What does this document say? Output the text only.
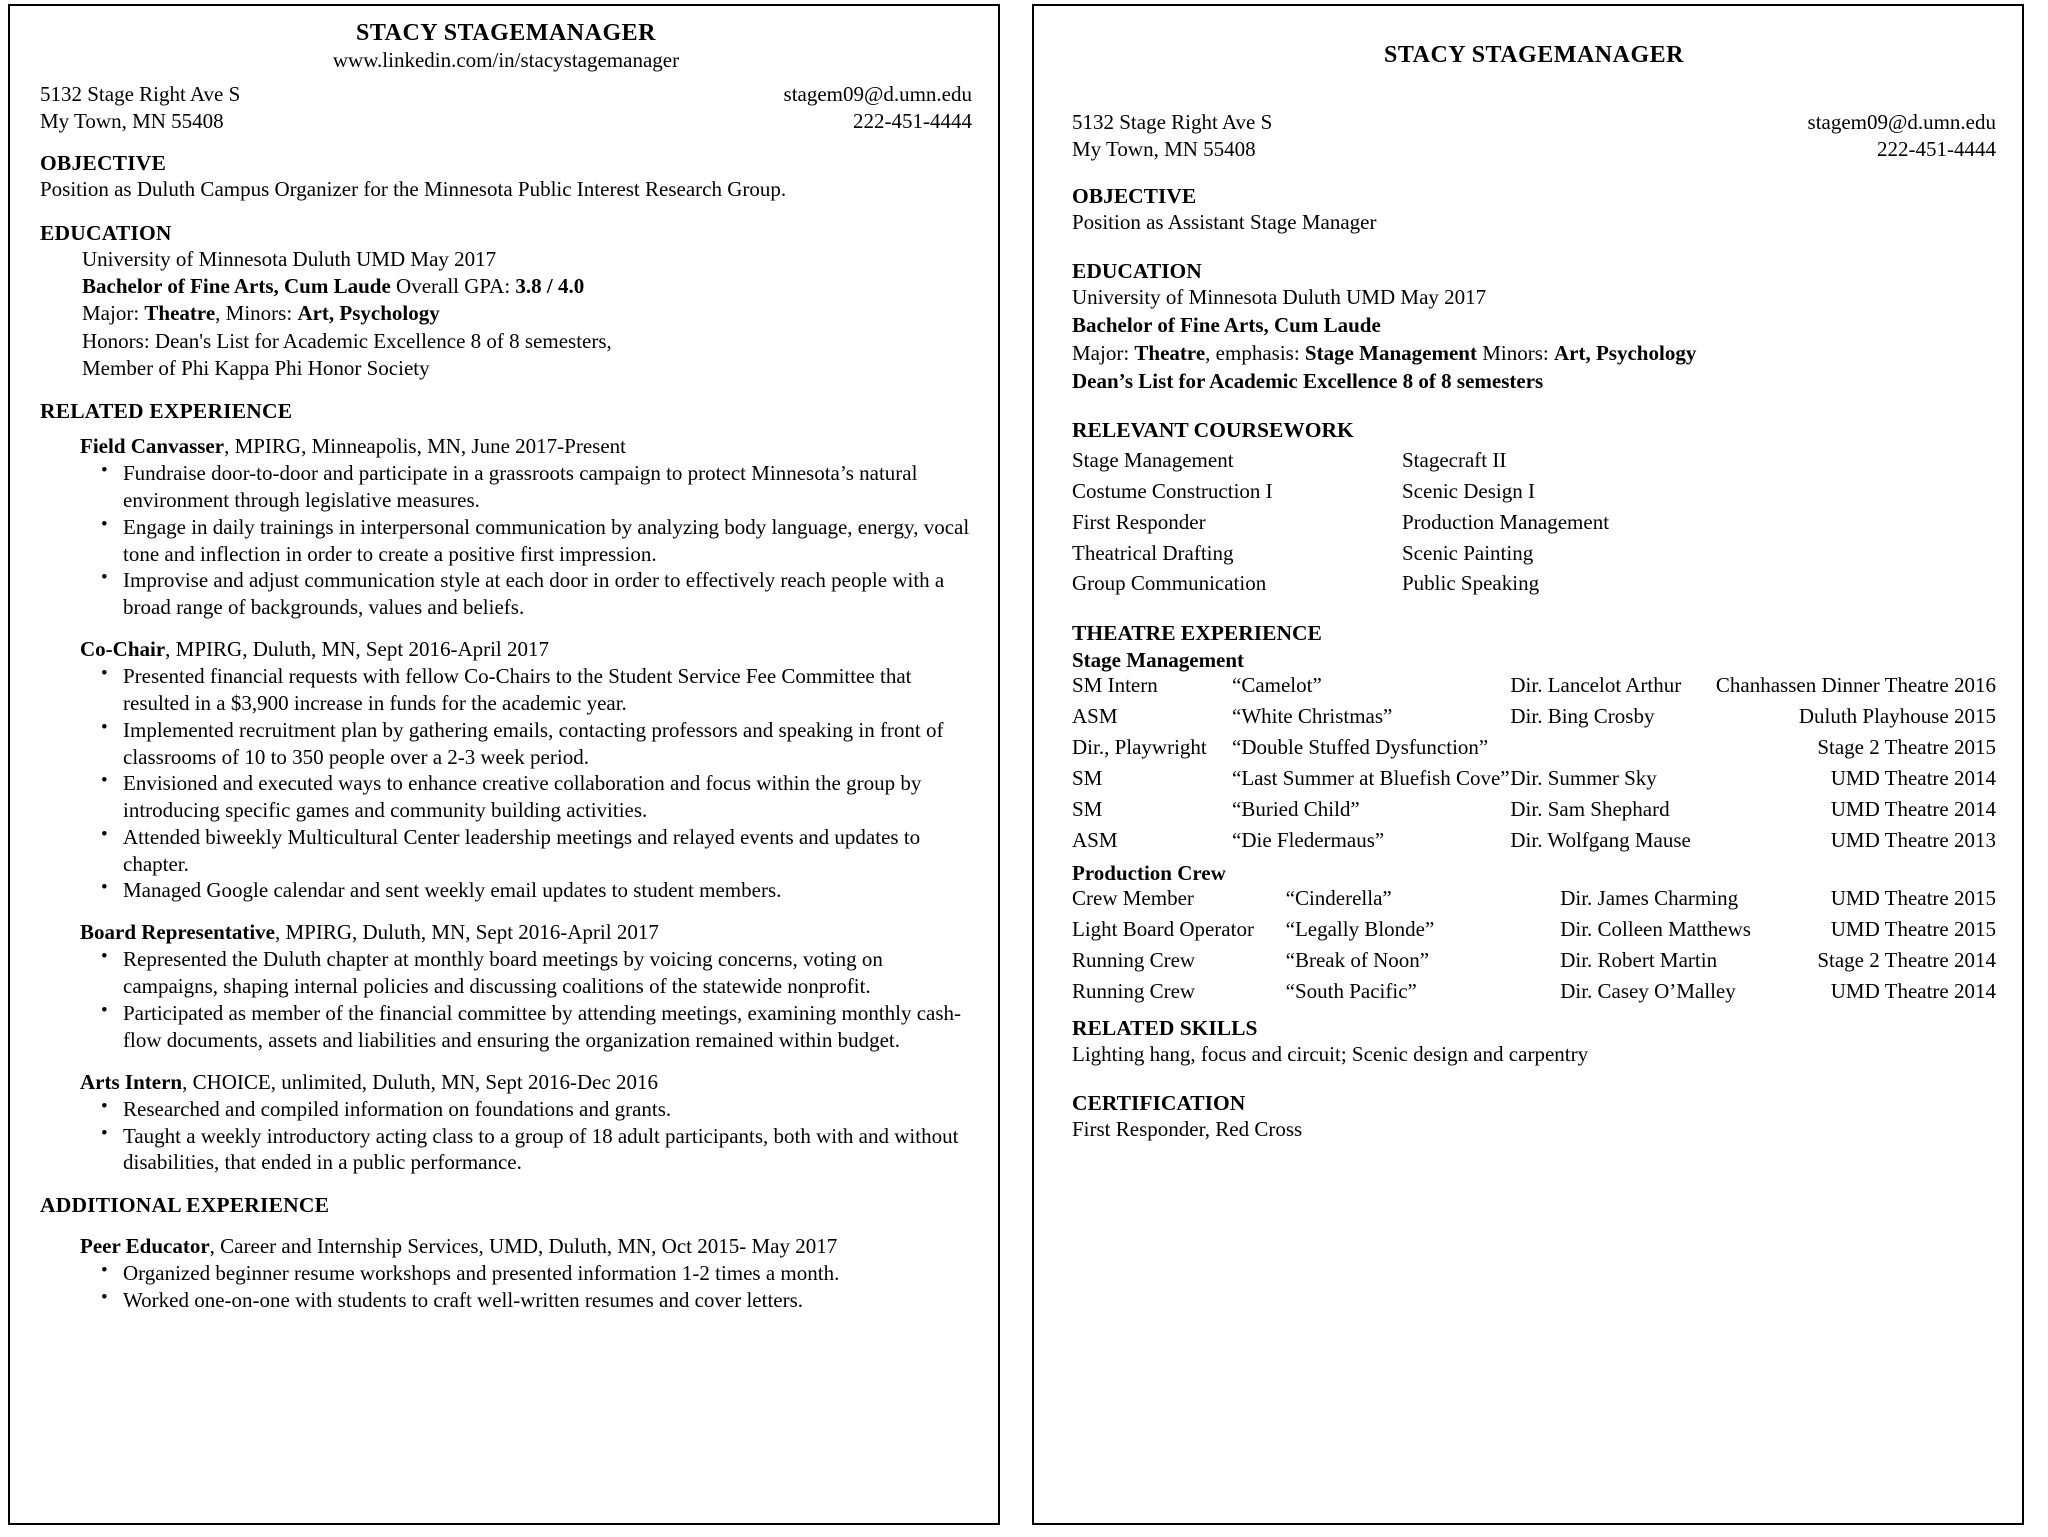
STACY STAGEMANAGER
www.linkedin.com/in/stacystagemanager
5132 Stage Right Ave S
My Town, MN 55408
stagem09@d.umn.edu
222-451-4444
OBJECTIVE
Position as Duluth Campus Organizer for the Minnesota Public Interest Research Group.
EDUCATION
University of Minnesota Duluth UMD May 2017
Bachelor of Fine Arts, Cum Laude Overall GPA: 3.8 / 4.0
Major: Theatre, Minors: Art, Psychology
Honors: Dean's List for Academic Excellence 8 of 8 semesters,
Member of Phi Kappa Phi Honor Society
RELATED EXPERIENCE
Field Canvasser, MPIRG, Minneapolis, MN, June 2017-Present
• Fundraise door-to-door and participate in a grassroots campaign to protect Minnesota’s natural environment through legislative measures.
• Engage in daily trainings in interpersonal communication by analyzing body language, energy, vocal tone and inflection in order to create a positive first impression.
• Improvise and adjust communication style at each door in order to effectively reach people with a broad range of backgrounds, values and beliefs.
Co-Chair, MPIRG, Duluth, MN, Sept 2016-April 2017
• Presented financial requests with fellow Co-Chairs to the Student Service Fee Committee that resulted in a $3,900 increase in funds for the academic year.
• Implemented recruitment plan by gathering emails, contacting professors and speaking in front of classrooms of 10 to 350 people over a 2-3 week period.
• Envisioned and executed ways to enhance creative collaboration and focus within the group by introducing specific games and community building activities.
• Attended biweekly Multicultural Center leadership meetings and relayed events and updates to chapter.
• Managed Google calendar and sent weekly email updates to student members.
Board Representative, MPIRG, Duluth, MN, Sept 2016-April 2017
• Represented the Duluth chapter at monthly board meetings by voicing concerns, voting on campaigns, shaping internal policies and discussing coalitions of the statewide nonprofit.
• Participated as member of the financial committee by attending meetings, examining monthly cash-flow documents, assets and liabilities and ensuring the organization remained within budget.
Arts Intern, CHOICE, unlimited, Duluth, MN, Sept 2016-Dec 2016
• Researched and compiled information on foundations and grants.
• Taught a weekly introductory acting class to a group of 18 adult participants, both with and without disabilities, that ended in a public performance.
ADDITIONAL EXPERIENCE
Peer Educator, Career and Internship Services, UMD, Duluth, MN, Oct 2015- May 2017
• Organized beginner resume workshops and presented information 1-2 times a month.
• Worked one-on-one with students to craft well-written resumes and cover letters.
STACY STAGEMANAGER
5132 Stage Right Ave S
My Town, MN 55408
stagem09@d.umn.edu
222-451-4444
OBJECTIVE
Position as Assistant Stage Manager
EDUCATION
University of Minnesota Duluth UMD May 2017
Bachelor of Fine Arts, Cum Laude
Major: Theatre, emphasis: Stage Management Minors: Art, Psychology
Dean’s List for Academic Excellence 8 of 8 semesters
RELEVANT COURSEWORK
Stage Management	Stagecraft II
Costume Construction I	Scenic Design I
First Responder	Production Management
Theatrical Drafting	Scenic Painting
Group Communication	Public Speaking
THEATRE EXPERIENCE
Stage Management
SM Intern	“Camelot”	Dir. Lancelot Arthur	Chanhassen Dinner Theatre 2016
ASM	“White Christmas”	Dir. Bing Crosby	Duluth Playhouse 2015
Dir., Playwright	“Double Stuffed Dysfunction”		Stage 2 Theatre 2015
SM	“Last Summer at Bluefish Cove”	Dir. Summer Sky	UMD Theatre 2014
SM	“Buried Child”	Dir. Sam Shephard	UMD Theatre 2014
ASM	“Die Fledermaus”	Dir. Wolfgang Mause	UMD Theatre 2013
Production Crew
Crew Member	“Cinderella”	Dir. James Charming	UMD Theatre 2015
Light Board Operator	“Legally Blonde”	Dir. Colleen Matthews	UMD Theatre 2015
Running Crew	“Break of Noon”	Dir. Robert Martin	Stage 2 Theatre 2014
Running Crew	“South Pacific”	Dir. Casey O’Malley	UMD Theatre 2014
RELATED SKILLS
Lighting hang, focus and circuit; Scenic design and carpentry
CERTIFICATION
First Responder, Red Cross
